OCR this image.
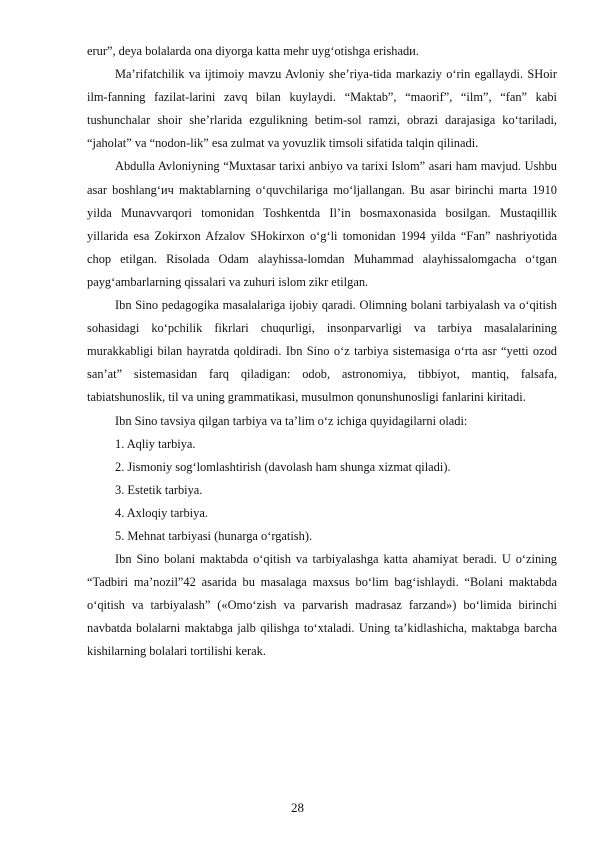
erur”, deya bolalarda ona diyorga katta mehr uyg‘otishga erishadи.

Ma’rifatchilik va ijtimoiy mavzu Avloniy she’riya-tida markaziy o‘rin egallaydi. SHoir ilm-fanning fazilat-larini zavq bilan kuylaydi. “Maktab”, “maorif”, “ilm”, “fan” kabi tushunchalar shoir she’rlarida ezgulikning betim-sol ramzi, obrazi darajasiga ko‘tariladi, “jaholat” va “nodon-lik” esa zulmat va yovuzlik timsoli sifatida talqin qilinadi.

Abdulla Avloniyning “Muxtasar tarixi anbiyo va tarixi Islom” asari ham mavjud. Ushbu asar boshlang‘ич maktablarning o‘quvchilariga mo‘ljallangan. Bu asar birinchi marta 1910 yilda Munavvarqori tomonidan Toshkentda Il’in bosmaxonasida bosilgan. Mustaqillik yillarida esa Zokirxon Afzalov SHokirxon o‘g‘li tomonidan 1994 yilda “Fan” nashriyotida chop etilgan. Risolada Odam alayhissa-lomdan Muhammad alayhissalomgacha o‘tgan payg‘ambarlarning qissalari va zuhuri islom zikr etilgan.

Ibn Sino pedagogika masalalariga ijobiy qaradi. Olimning bolani tarbiyalash va o‘qitish sohasidagi ko‘pchilik fikrlari chuqurligi, insonparvarligi va tarbiya masalalarining murakkabligi bilan hayratda qoldiradi. Ibn Sino o‘z tarbiya sistemasiga o‘rta asr “yetti ozod san’at” sistemasidan farq qiladigan: odob, astronomiya, tibbiyot, mantiq, falsafa, tabiatshunoslik, til va uning grammatikasi, musulmon qonunshunosligi fanlarini kiritadi.

Ibn Sino tavsiya qilgan tarbiya va ta’lim o‘z ichiga quyidagilarni oladi:

1. Aqliy tarbiya.

2. Jismoniy sog‘lomlashtirish (davolash ham shunga xizmat qiladi).

3. Estetik tarbiya.

4. Axloqiy tarbiya.

5. Mehnat tarbiyasi (hunarga o‘rgatish).

Ibn Sino bolani maktabda o‘qitish va tarbiyalashga katta ahamiyat beradi. U o‘zining “Tadbiri ma’nozil”42 asarida bu masalaga maxsus bo‘lim bag‘ishlaydi. “Bolani maktabda o‘qitish va tarbiyalash” («Omo‘zish va parvarish madrasaz farzand») bo‘limida birinchi navbatda bolalarni maktabga jalb qilishga to‘xtaladi. Uning ta’kidlashicha, maktabga barcha kishilarning bolalari tortilishi kerak.

28
